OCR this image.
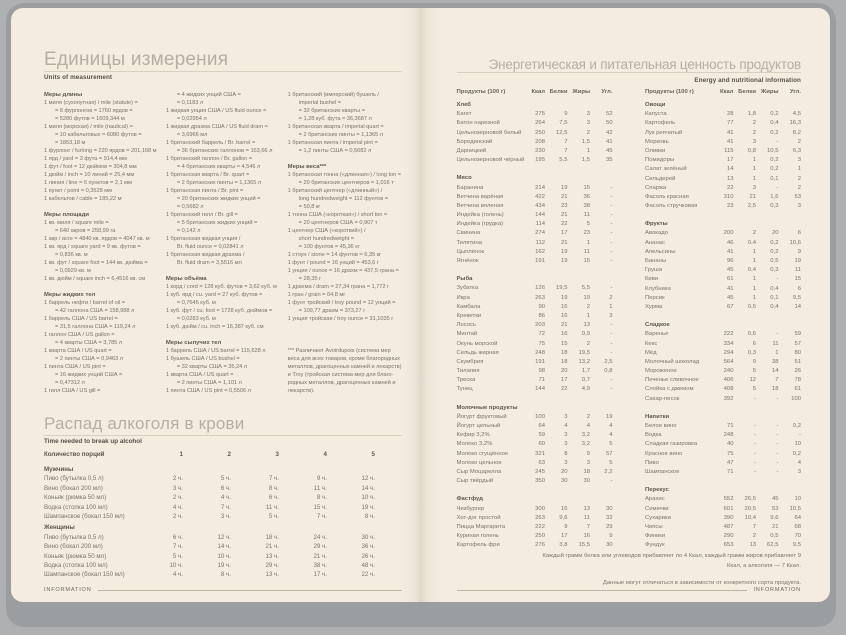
Единицы измерения
Units of measurement
Меры длины
1 миля (сухопутная) / mile (statute) =
= 8 фурлонгов = 1760 ярдов =
= 5280 футов = 1609,344 м
1 миля (морская) / mile (nautical) =
= 10 кабельтовых = 6080 футов =
= 1853,18 м
1 фурлонг / furlong = 220 ярдов = 201,168 м
1 ярд / yard = 3 фута = 914,4 мм
1 фут / foot = 12 дюймов = 304,8 мм
1 дюйм / inch = 10 линий = 25,4 мм
1 линия / line = 6 пунктов = 2,1 мм
1 пункт / point = 0,3528 мм
1 кабельтов / cable = 185,22 м
Меры площади
1 кв. миля / square mile =
= 640 акров = 258,99 га
1 акр / acre = 4840 кв. ярдов = 4047 кв. м
1 кв. ярд / square yard = 9 кв. футов =
= 0,836 кв. м
1 кв. фут / square foot = 144 кв. дюйма =
= 0,0929 кв. м
1 кв. дюйм / square inch = 6,4516 кв. см
Меры жидких тел
1 баррель нефти / barrel of oil =
= 42 галлона США = 158,988 л
1 баррель США / US barrel =
= 31,5 галлона США = 119,24 л
1 галлон США / US gallon =
= 4 кварты США = 3,785 л
1 кварта США / US quart =
= 2 пинты США = 0,9463 л
1 пинта США / US pint =
= 16 жидких унций США =
= 0,47312 л
1 гилл США / US gill =
= 4 жидких унций США =
= 0,1183 л
1 жидкая унция США / US fluid ounce =
= 0,02954 л
1 жидкая драхма США / US fluid dram =
= 3,6966 мл
1 британский баррель / Br. barrel =
= 36 британских галлонов = 163,66 л
1 британский галлон / Br. gallon =
= 4 британских кварты = 4,546 л
1 британская кварта / Br. quart =
= 2 британских пинты = 1,1365 л
1 британская пинта / Br. pint =
= 20 британских жидких унций =
= 0,5682 л
1 британский гилл / Br. gill =
= 5 британских жидких унций =
= 0,142 л
1 британская жидкая унция /
Br. fluid ounce = 0,02841 л
1 британская жидкая драхма /
Br. fluid dram = 3,5516 мл
Меры объёма
1 корд / cord = 128 куб. футов = 3,62 куб. м
1 куб. ярд / cu. yard = 27 куб. футов =
= 0,7645 куб. м
1 куб. фут / cu. foot = 1728 куб. дюймов =
= 0,0283 куб. м
1 куб. дюйм / cu. inch = 16,387 куб. см
Меры сыпучих тел
1 баррель США / US barrel = 115,628 л
1 бушель США / US bushel =
= 32 кварты США = 35,24 л
1 кварта США / US quart =
= 2 пинты США = 1,101 л
1 пинта США / US pint = 0,5506 л
1 британский (имперский) бушель /
imperial bushel =
= 32 британских кварты =
= 1,28 куб. фута = 36,3687 л
1 британская кварта / imperial quart =
= 2 британских пинты = 1,1365 л
1 британская пинта / imperial pint =
= 1,2 пинты США = 0,5682 л
Меры веса***
1 британская тонна («длинная») / long ton =
= 20 британских центнеров = 1,016 т
1 британский центнер («длинный») /
long hundredweight = 112 фунтов =
= 50,8 кг
1 тонна США («короткая») / short ton =
= 20 центнеров США = 0,907 т
1 центнер США («короткий») /
short hundredweight =
= 100 фунтов = 45,36 кг
1 стоун / stone = 14 фунтов = 6,35 кг
1 фунт / pound = 16 унций = 453,6 г
1 унция / ounce = 16 драхм = 437,5 грана =
= 28,35 г
1 драхма / dram = 27,34 грана = 1,772 г
1 гран / grain = 64,8 мг
1 фунт тройский / troy pound = 12 унций =
= 109,77 драхм = 373,27 г
1 унция тройская / troy ounce = 31,1035 г
*** Различают Avoirdupois (система мер
веса для всех товаров, кроме благородных
металлов, драгоценных камней и лекарств)
и Troy (тройская система мер для благо-
родных металлов, драгоценных камней и
лекарств).
Распад алкоголя в крови
Time needed to break up alcohol
Количество порций	1	2	3	4	5
Мужчины
Пиво (бутылка 0,5 л)	2 ч.	5 ч.	7 ч.	9 ч.	12 ч.
Вино (бокал 200 мл)	3 ч.	6 ч.	8 ч.	11 ч.	14 ч.
Коньяк (рюмка 50 мл)	2 ч.	4 ч.	6 ч.	8 ч.	10 ч.
Водка (стопка 100 мл)	4 ч.	7 ч.	11 ч.	15 ч.	19 ч.
Шампанское (бокал 150 мл)	2 ч.	3 ч.	5 ч.	7 ч.	8 ч.
Женщины
Пиво (бутылка 0,5 л)	6 ч.	12 ч.	18 ч.	24 ч.	30 ч.
Вино (бокал 200 мл)	7 ч.	14 ч.	21 ч.	29 ч.	36 ч.
Коньяк (рюмка 50 мл)	5 ч.	10 ч.	13 ч.	21 ч.	26 ч.
Водка (стопка 100 мл)	10 ч.	19 ч.	29 ч.	38 ч.	48 ч.
Шампанское (бокал 150 мл)	4 ч.	8 ч.	13 ч.	17 ч.	22 ч.
INFORMATION
Энергетическая и питательная ценность продуктов
Energy and nutritional information
Продукты (100 г)	Ккал Белки Жиры	Угл.
Хлеб
Багет	275	9	3	52
Батон нарезной	264	7,5	3	50
Цельнозерновой белый	250	12,5	2	42
Бородинский	208	7	1,5	41
Дарницкий	230	7	1	45
Цельнозерновой чёрный	195	5,5	1,5	35
Мясо
Баранина	214	19	15	-
Ветчина варёная	422	21	36	-
Ветчина вяленая	434	23	38	-
Индейка (голень)	144	21	11	-
Индейка (грудка)	114	22	5	-
Свинина	274	17	23	-
Телятина	112	21	1	-
Цыплёнок	162	19	11	-
Ягнёнок	191	19	15	-
Рыба
Зубатка	126	19,5	5,5	-
Икра	263	19	19	2
Камбала	90	16	2	1
Креветки	86	16	1	3
Лосось	203	21	13	-
Минтай	72	16	0,9	-
Окунь морской	75	15	2	-
Сельдь жирная	248	18	19,5	-
Скумбрия	191	18	13,2	2,5
Тилапия	98	20	1,7	0,8
Треска	71	17	0,7	-
Тунец	144	22	4,9	-
Молочные продукты
Йогурт фруктовый	100	3	2	19
Йогурт цельный	64	4	4	4
Кефир 3,2%	59	3	3,2	4
Молоко 3,2%	60	3	3,2	5
Молоко сгущённое	321	8	9	57
Молоко цельное	63	3	3	5
Сыр Моцарелла	245	20	18	2,2
Сыр твёрдый	350	30	30	-
Фастфуд
Чизбургер	300	16	13	30
Хот-дог простой	263	9,6	11	32
Пицца Маргарита	222	9	7	29
Куриная голень	250	17	16	9
Картофель фри	276	3,8	15,5	30
Продукты (100 г)	Ккал Белки Жиры	Угл.
Овощи
Капуста	28	1,8	0,2	4,5
Картофель	77	2	0,4	16,3
Лук репчатый	41	2	0,2	8,2
Морковь	41	3	-	2
Оливки	115	0,8	10,5	6,3
Помидоры	17	1	0,2	3
Салат зелёный	14	1	0,2	1
Сельдерей	13	1	0,1	2
Спаржа	22	3	-	2
Фасоль красная	310	21	1,6	53
Фасоль стручковая	23	2,5	0,3	3
Фрукты
Авокадо	200	2	20	6
Ананас	46	0,4	0,2	10,6
Апельсины	41	1	0,2	9
Бананы	96	1	0,5	19
Груша	45	0,4	0,3	11
Киви	61	1	-	15
Клубника	41	1	0,4	6
Персик	45	1	0,1	9,5
Хурма	67	0,5	0,4	14
Сладкое
Варенье	222	0,6	-	59
Кекс	334	6	11	57
Мёд	294	0,3	1	80
Молочный шоколад	564	9	38	51
Мороженое	240	5	14	26
Печенье сливочное	406	12	7	78
Слойка с джемом	408	5	18	61
Сахар-песок	392	-	-	100
Напитки
Белое вино	71	-	-	0,2
Водка	248	-	-	-
Сладкая газировка	40	-	-	10
Красное вино	75	-	-	0,2
Пиво	47	-	-	4
Шампанское	71	-	-	3
Перекус
Арахис	552	26,5	45	10
Семечки	601	20,5	53	10,5
Сухарики	390	10,4	9,6	64
Чипсы	487	7	21	68
Финики	290	2	0,5	70
Фундук	653	13	62,5	9,5
Каждый грамм белка или углеводов прибавляет по 4 Ккал, каждый грамм жиров прибавляет 9 Ккал, а алкоголя — 7 Ккал.
Данные могут отличаться в зависимости от конкретного сорта продукта.
INFORMATION
